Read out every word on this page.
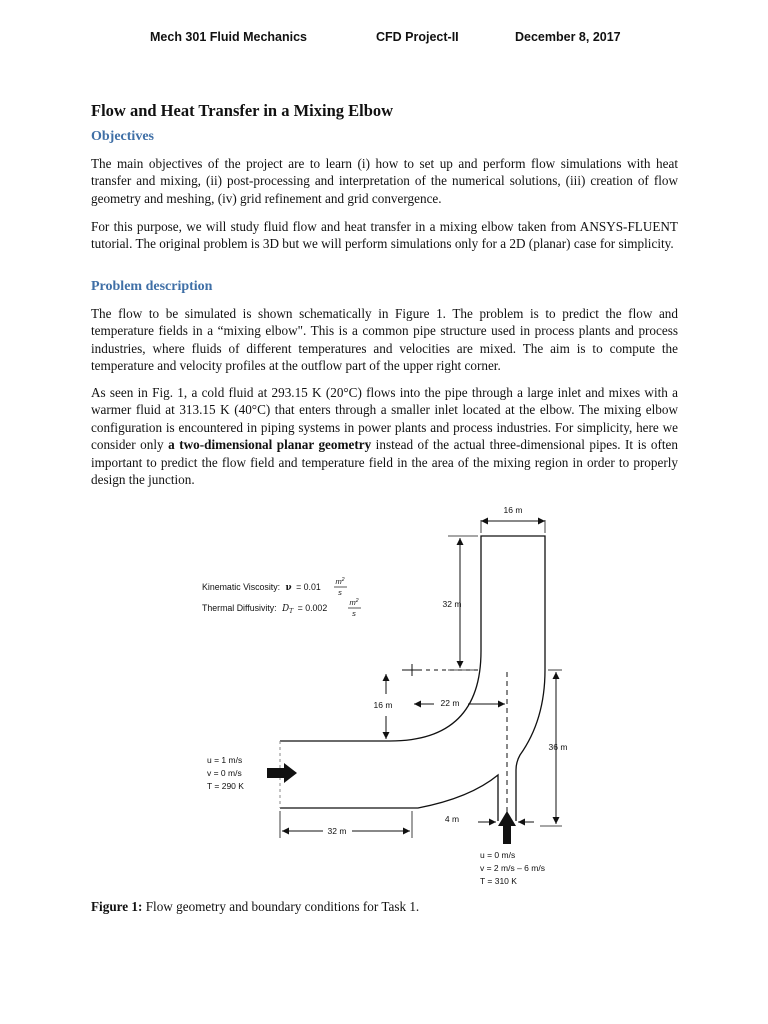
Mech 301 Fluid Mechanics	CFD Project-II	December 8, 2017
Flow and Heat Transfer in a Mixing Elbow
Objectives

The main objectives of the project are to learn (i) how to set up and perform flow simulations with heat transfer and mixing, (ii) post-processing and interpretation of the numerical solutions, (iii) creation of flow geometry and meshing, (iv) grid refinement and grid convergence.

For this purpose, we will study fluid flow and heat transfer in a mixing elbow taken from ANSYS-FLUENT tutorial. The original problem is 3D but we will perform simulations only for a 2D (planar) case for simplicity.

Problem description

The flow to be simulated is shown schematically in Figure 1. The problem is to predict the flow and temperature fields in a “mixing elbow". This is a common pipe structure used in process plants and process industries, where fluids of different temperatures and velocities are mixed. The aim is to compute the temperature and velocity profiles at the outflow part of the upper right corner.

As seen in Fig. 1, a cold fluid at 293.15 K (20°C) flows into the pipe through a large inlet and mixes with a warmer fluid at 313.15 K (40°C) that enters through a smaller inlet located at the elbow. The mixing elbow configuration is encountered in piping systems in power plants and process industries. For simplicity, here we consider only a two-dimensional planar geometry instead of the actual three-dimensional pipes. It is often important to predict the flow field and temperature field in the area of the mixing region in order to properly design the junction.

16 m
32 m
16 m	22 m
36 m
4 m
32 m
Kinematic Viscosity: ν = 0.01
$m^2$
s
Thermal Diffusivity: $D_T = 0.002$
$m^2$
s
u = 1 m/s
v = 0 m/s
T = 290 K
u = 0 m/s
v = 2 m/s – 6 m/s
T = 310 K

Figure 1: Flow geometry and boundary conditions for Task 1.
